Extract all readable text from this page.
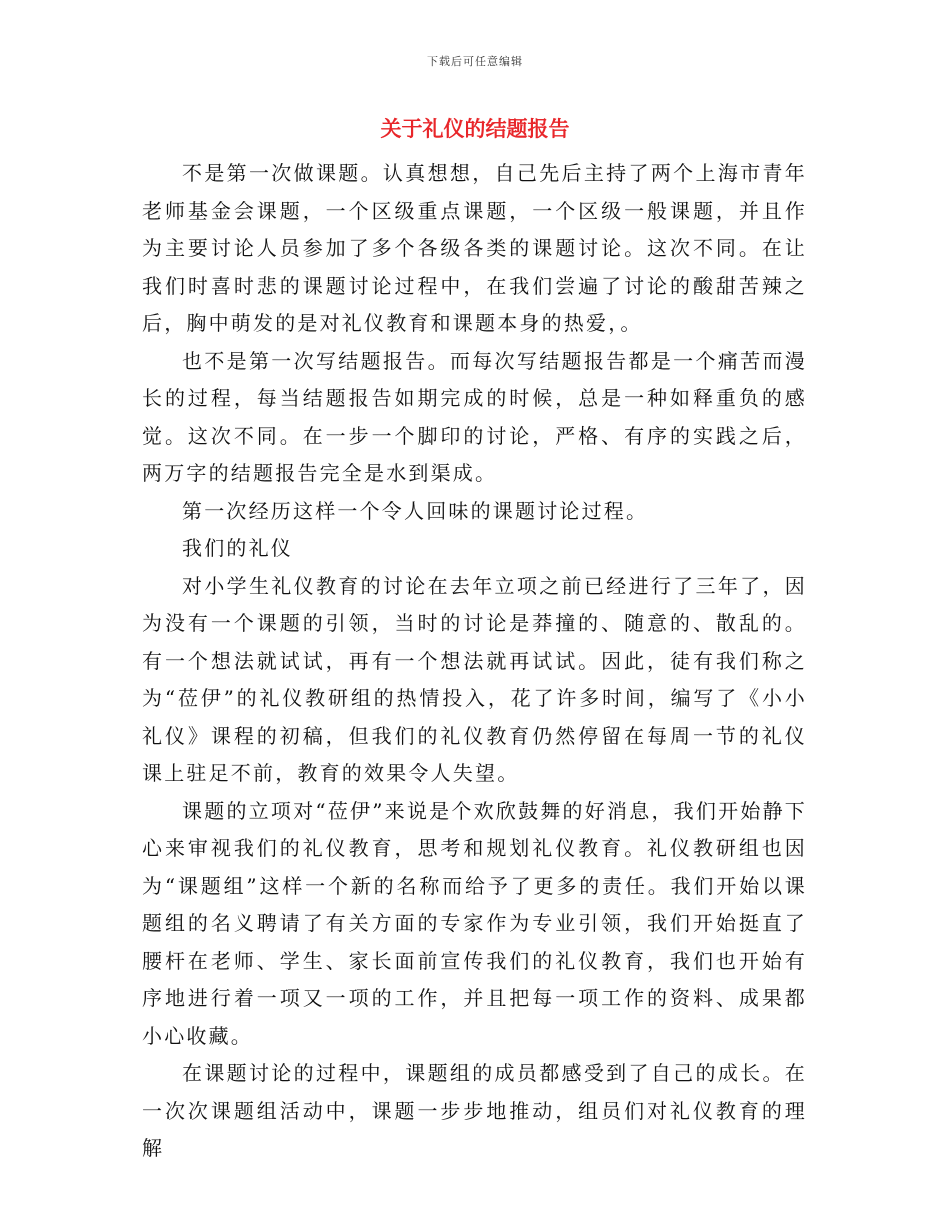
下载后可任意编辑
关于礼仪的结题报告

不是第一次做课题。认真想想，自己先后主持了两个上海市青年老师基金会课题，一个区级重点课题，一个区级一般课题，并且作为主要讨论人员参加了多个各级各类的课题讨论。这次不同。在让我们时喜时悲的课题讨论过程中，在我们尝遍了讨论的酸甜苦辣之后，胸中萌发的是对礼仪教育和课题本身的热爱，。

也不是第一次写结题报告。而每次写结题报告都是一个痛苦而漫长的过程，每当结题报告如期完成的时候，总是一种如释重负的感觉。这次不同。在一步一个脚印的讨论，严格、有序的实践之后，两万字的结题报告完全是水到渠成。

第一次经历这样一个令人回味的课题讨论过程。

我们的礼仪

对小学生礼仪教育的讨论在去年立项之前已经进行了三年了，因为没有一个课题的引领，当时的讨论是莽撞的、随意的、散乱的。有一个想法就试试，再有一个想法就再试试。因此，徒有我们称之为“莅伊”的礼仪教研组的热情投入，花了许多时间，编写了《小小礼仪》课程的初稿，但我们的礼仪教育仍然停留在每周一节的礼仪课上驻足不前，教育的效果令人失望。

课题的立项对“莅伊”来说是个欢欣鼓舞的好消息，我们开始静下心来审视我们的礼仪教育，思考和规划礼仪教育。礼仪教研组也因为“课题组”这样一个新的名称而给予了更多的责任。我们开始以课题组的名义聘请了有关方面的专家作为专业引领，我们开始挺直了腰杆在老师、学生、家长面前宣传我们的礼仪教育，我们也开始有序地进行着一项又一项的工作，并且把每一项工作的资料、成果都小心收藏。

在课题讨论的过程中，课题组的成员都感受到了自己的成长。在一次次课题组活动中，课题一步步地推动，组员们对礼仪教育的理解
